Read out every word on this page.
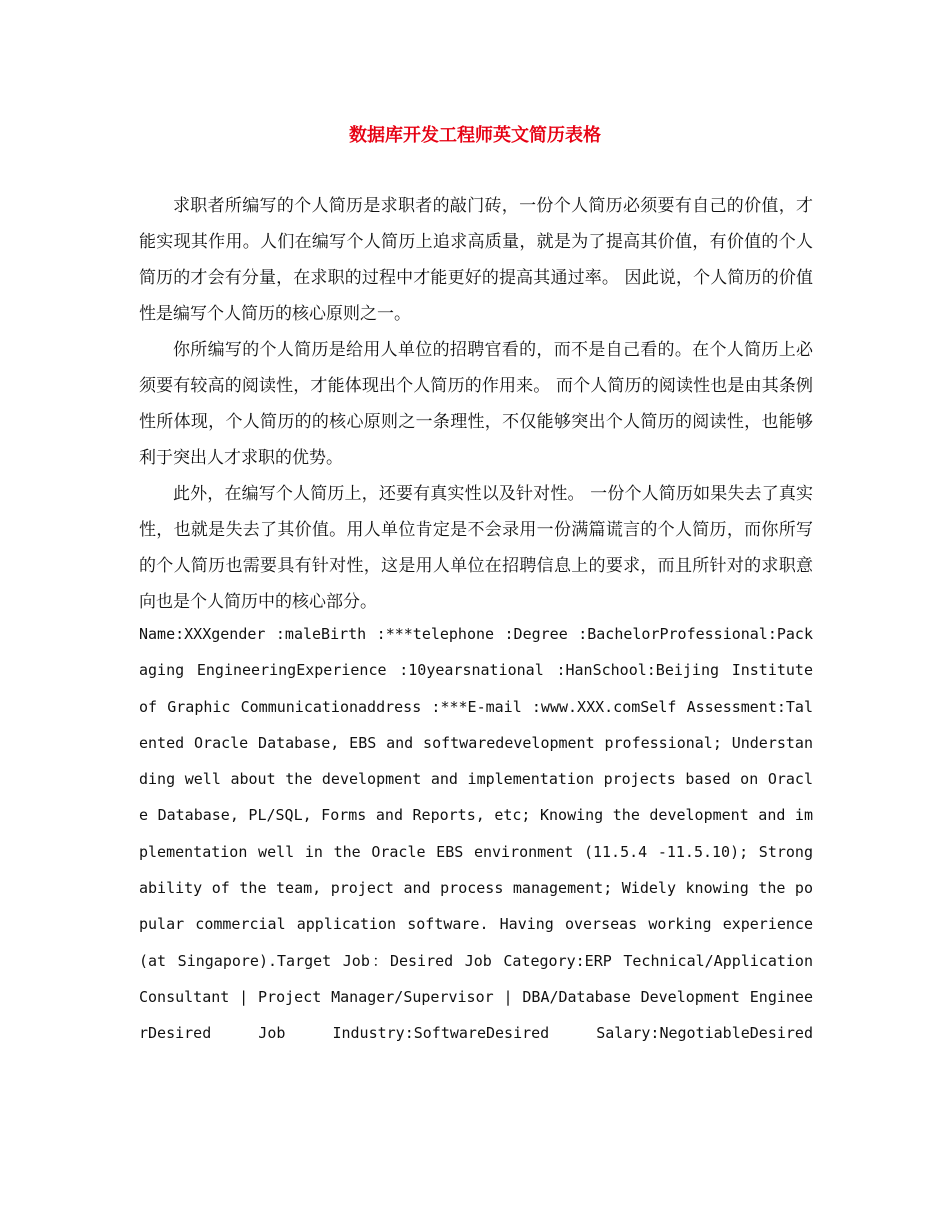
数据库开发工程师英文简历表格

求职者所编写的个人简历是求职者的敲门砖，一份个人简历必须要有自己的价值，才能实现其作用。人们在编写个人简历上追求高质量，就是为了提高其价值，有价值的个人简历的才会有分量，在求职的过程中才能更好的提高其通过率。 因此说，个人简历的价值性是编写个人简历的核心原则之一。

你所编写的个人简历是给用人单位的招聘官看的，而不是自己看的。在个人简历上必须要有较高的阅读性，才能体现出个人简历的作用来。 而个人简历的阅读性也是由其条例性所体现，个人简历的的核心原则之一条理性，不仅能够突出个人简历的阅读性，也能够利于突出人才求职的优势。

此外，在编写个人简历上，还要有真实性以及针对性。 一份个人简历如果失去了真实性，也就是失去了其价值。用人单位肯定是不会录用一份满篇谎言的个人简历，而你所写的个人简历也需要具有针对性，这是用人单位在招聘信息上的要求，而且所针对的求职意向也是个人简历中的核心部分。

Name:XXXgender :maleBirth :***telephone :Degree :BachelorProfessional:Packaging EngineeringExperience :10yearsnational :HanSchool:Beijing Institute of Graphic Communicationaddress :***E-mail :www.XXX.comSelf Assessment:Talented Oracle Database, EBS and softwaredevelopment professional; Understanding well about the development and implementation projects based on Oracle Database, PL/SQL, Forms and Reports, etc; Knowing the development and implementation well in the Oracle EBS environment (11.5.4 -11.5.10); Strong ability of the team, project and process management; Widely knowing the popular commercial application software. Having overseas working experience (at Singapore).Target Job：Desired Job Category:ERP Technical/Application Consultant | Project Manager/Supervisor | DBA/Database Development EngineerDesired Job Industry:SoftwareDesired Salary:NegotiableDesired
